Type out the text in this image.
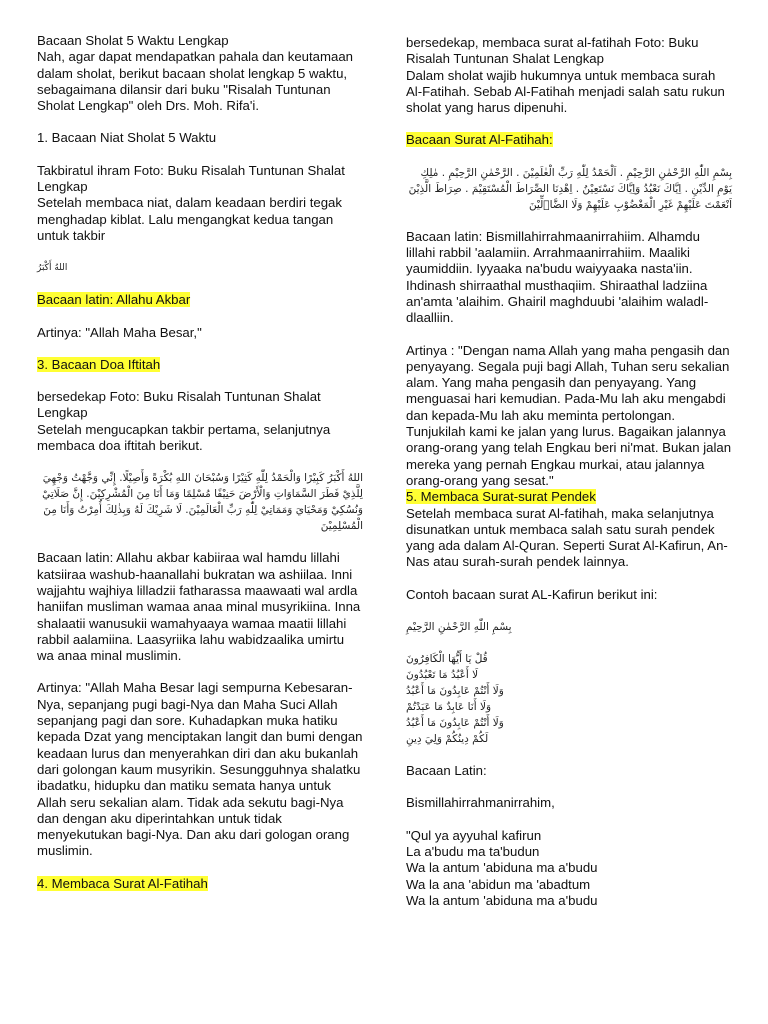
Bacaan Sholat 5 Waktu Lengkap

Nah, agar dapat mendapatkan pahala dan keutamaan dalam sholat, berikut bacaan sholat lengkap 5 waktu, sebagaimana dilansir dari buku "Risalah Tuntunan Sholat Lengkap" oleh Drs. Moh. Rifa'i.

1. Bacaan Niat Sholat 5 Waktu

Takbiratul ihram Foto: Buku Risalah Tuntunan Shalat Lengkap

Setelah membaca niat, dalam keadaan berdiri tegak menghadap kiblat. Lalu mengangkat kedua tangan untuk takbir

اللهُ أَكْبَرُ

Bacaan latin: Allahu Akbar

Artinya: "Allah Maha Besar,"

3. Bacaan Doa Iftitah

bersedekap Foto: Buku Risalah Tuntunan Shalat Lengkap

Setelah mengucapkan takbir pertama, selanjutnya membaca doa iftitah berikut.

اللهُ أَكْبَرُ كَبِيْرًا وَالْحَمْدُ لِلّٰهِ كَثِيْرًا وَسُبْحَانَ اللهِ بُكْرَةً وَأَصِيْلًا. إِنِّي وَجَّهْتُ وَجْهِيَ لِلَّذِيْ فَطَرَ السَّمَاوَاتِ وَالْأَرْضَ حَنِيْفًا مُسْلِمًا وَمَا أَنَا مِنَ الْمُشْرِكِيْنَ. إِنَّ صَلَاتِيْ وَنُسُكِيْ وَمَحْيَايَ وَمَمَاتِيْ لِلّٰهِ رَبِّ الْعَالَمِيْنَ. لَا شَرِيْكَ لَهُ وَبِذٰلِكَ أُمِرْتُ وَأَنَا مِنَ الْمُسْلِمِيْنَ

Bacaan latin: Allahu akbar kabiiraa wal hamdu lillahi katsiiraa washub-haanallahi bukratan wa ashiilaa. Inni wajjahtu wajhiya lilladzii fatharassa maawaati wal ardla haniifan musliman wamaa anaa minal musyrikiina. Inna shalaatii wanusukii wamahyaaya wamaa maatii lillahi rabbil aalamiina. Laasyriika lahu wabidzaalika umirtu wa anaa minal muslimin.

Artinya: "Allah Maha Besar lagi sempurna Kebesaran-Nya, sepanjang pugi bagi-Nya dan Maha Suci Allah sepanjang pagi dan sore. Kuhadapkan muka hatiku kepada Dzat yang menciptakan langit dan bumi dengan keadaan lurus dan menyerahkan diri dan aku bukanlah dari golongan kaum musyrikin. Sesungguhnya shalatku ibadatku, hidupku dan matiku semata hanya untuk Allah seru sekalian alam. Tidak ada sekutu bagi-Nya dan dengan aku diperintahkan untuk tidak menyekutukan bagi-Nya. Dan aku dari gologan orang muslimin.

4. Membaca Surat Al-Fatihah

bersedekap, membaca surat al-fatihah Foto: Buku Risalah Tuntunan Shalat Lengkap

Dalam sholat wajib hukumnya untuk membaca surah Al-Fatihah. Sebab Al-Fatihah menjadi salah satu rukun sholat yang harus dipenuhi.

Bacaan Surat Al-Fatihah:

بِسْمِ اللّٰهِ الرَّحْمٰنِ الرَّحِيْمِ . اَلْحَمْدُ لِلّٰهِ رَبِّ الْعٰلَمِيْنَ . الرَّحْمٰنِ الرَّحِيْمِ . مٰلِكِ يَوْمِ الدِّيْنِ . اِيَّاكَ نَعْبُدُ وَاِيَّاكَ نَسْتَعِيْنُ . اِهْدِنَا الصِّرَاطَ الْمُسْتَقِيْمَ . صِرَاطَ الَّذِيْنَ اَنْعَمْتَ عَلَيْهِمْ غَيْرِ الْمَغْضُوْبِ عَلَيْهِمْ وَلَا الضَّاۤلِّيْنَ

Bacaan latin: Bismillahirrahmaanirrahiim. Alhamdu lillahi rabbil 'aalamiin. Arrahmaanirrahiim. Maaliki yaumiddiin. Iyyaaka na'budu waiyyaaka nasta'iin. Ihdinash shirraathal musthaqiim. Shiraathal ladziina an'amta 'alaihim. Ghairil maghduubi 'alaihim waladl-dlaalliin.

Artinya : "Dengan nama Allah yang maha pengasih dan penyayang. Segala puji bagi Allah, Tuhan seru sekalian alam. Yang maha pengasih dan penyayang. Yang menguasai hari kemudian. Pada-Mu lah aku mengabdi dan kepada-Mu lah aku meminta pertolongan. Tunjukilah kami ke jalan yang lurus. Bagaikan jalannya orang-orang yang telah Engkau beri ni'mat. Bukan jalan mereka yang pernah Engkau murkai, atau jalannya orang-orang yang sesat."

5. Membaca Surat-surat Pendek

Setelah membaca surat Al-fatihah, maka selanjutnya disunatkan untuk membaca salah satu surah pendek yang ada dalam Al-Quran. Seperti Surat Al-Kafirun, An-Nas atau surah-surah pendek lainnya.

Contoh bacaan surat AL-Kafirun berikut ini:

بِسْمِ اللّٰهِ الرَّحْمٰنِ الرَّحِيْمِ

قُلْ يَا أَيُّهَا الْكَافِرُونَ
لَا أَعْبُدُ مَا تَعْبُدُونَ
وَلَا أَنْتُمْ عَابِدُونَ مَا أَعْبُدُ
وَلَا أَنَا عَابِدٌ مَا عَبَدْتُمْ
وَلَا أَنْتُمْ عَابِدُونَ مَا أَعْبُدُ
لَكُمْ دِينُكُمْ وَلِيَ دِينِ

Bacaan Latin:

Bismillahirrahmanirrahim,

"Qul ya ayyuhal kafirun
La a'budu ma ta'budun
Wa la antum 'abiduna ma a'budu
Wa la ana 'abidun ma 'abadtum
Wa la antum 'abiduna ma a'budu
